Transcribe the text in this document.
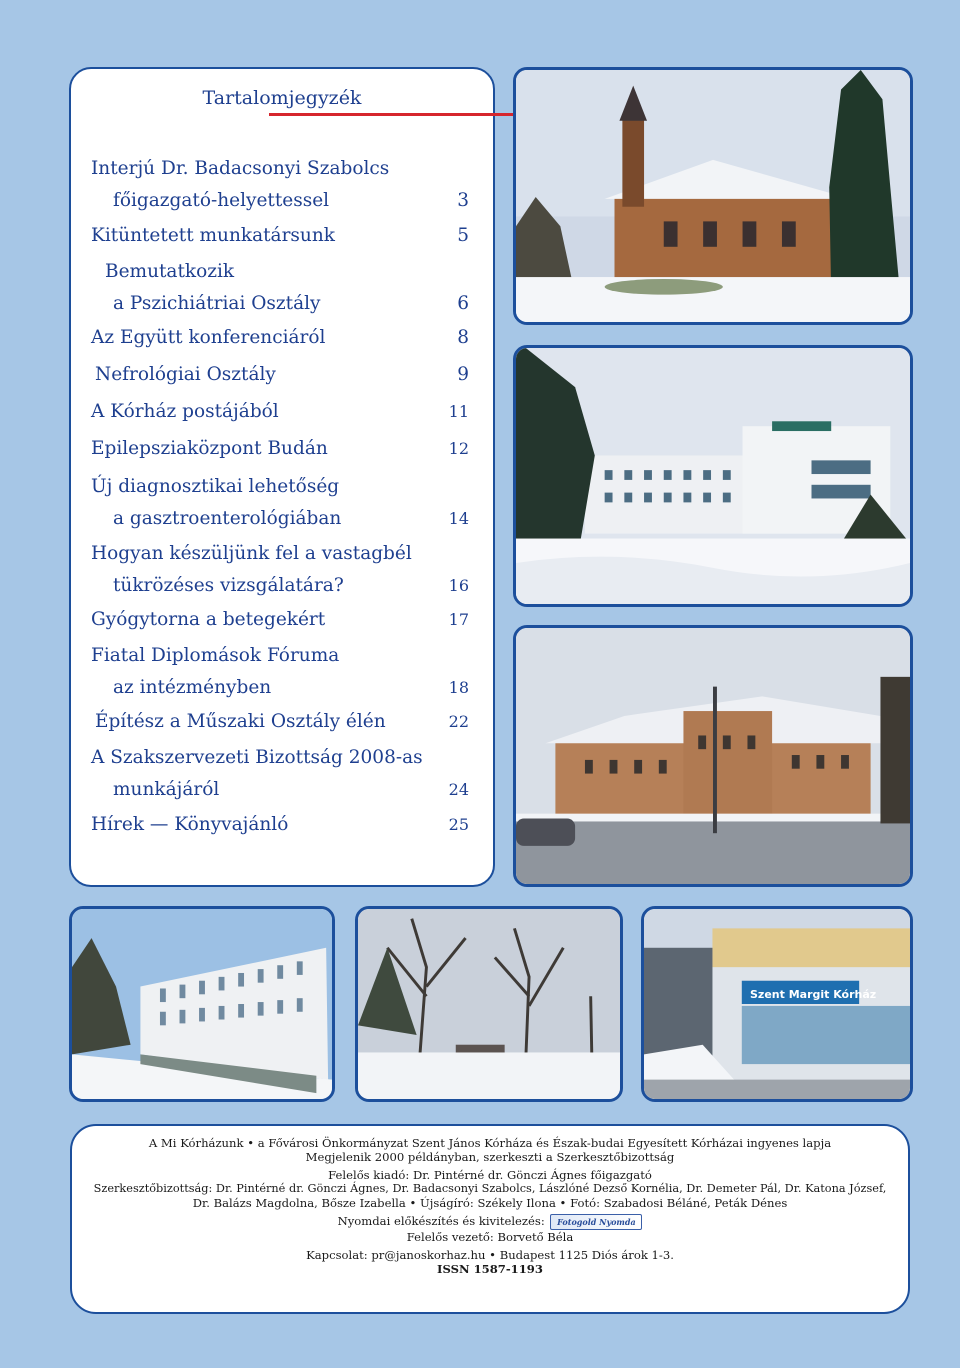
Tartalomjegyzék
Interjú Dr. Badacsonyi Szabolcs
főigazgató-helyettessel	3
Kitüntetett munkatársunk	5
Bemutatkozik
a Pszichiátriai Osztály	6
Az Együtt konferenciáról	8
Nefrológiai Osztály	9
A Kórház postájából	11
Epilepsziaközpont Budán	12
Új diagnosztikai lehetőség
a gasztroenterológiában	14
Hogyan készüljünk fel a vastagbél
tükrözéses vizsgálatára?	16
Gyógytorna a betegekért	17
Fiatal Diplomások Fóruma
az intézményben	18
Építész a Műszaki Osztály élén	22
A Szakszervezeti Bizottság 2008-as
munkájáról	24
Hírek — Könyvajánló	25
Szent Margit Kórház
A Mi Kórházunk • a Fővárosi Önkormányzat Szent János Kórháza és Észak-budai Egyesített Kórházai ingyenes lapja
Megjelenik 2000 példányban, szerkeszti a Szerkesztőbizottság
Felelős kiadó: Dr. Pintérné dr. Gönczi Ágnes főigazgató
Szerkesztőbizottság: Dr. Pintérné dr. Gönczi Ágnes, Dr. Badacsonyi Szabolcs, Lászlóné Dezső Kornélia, Dr. Demeter Pál, Dr. Katona József,
Dr. Balázs Magdolna, Bősze Izabella • Újságíró: Székely Ilona • Fotó: Szabadosi Béláné, Peták Dénes
Nyomdai előkészítés és kivitelezés: Fotogold Nyomda
Felelős vezető: Borvető Béla
Kapcsolat: pr@janoskorhaz.hu • Budapest 1125 Diós árok 1-3.
ISSN 1587-1193
